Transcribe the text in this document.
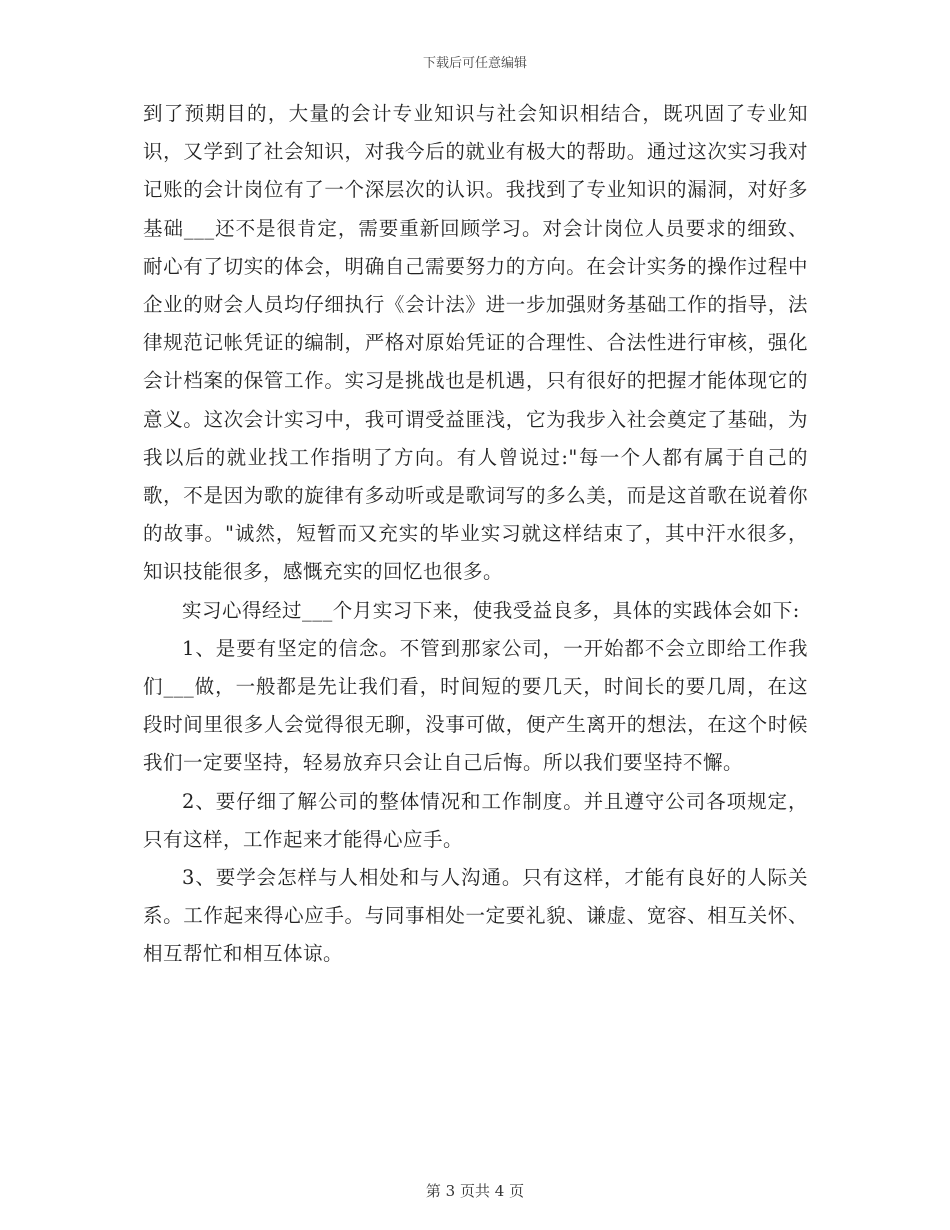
下载后可任意编辑

到了预期目的，大量的会计专业知识与社会知识相结合，既巩固了专业知识，又学到了社会知识，对我今后的就业有极大的帮助。通过这次实习我对记账的会计岗位有了一个深层次的认识。我找到了专业知识的漏洞，对好多基础___还不是很肯定，需要重新回顾学习。对会计岗位人员要求的细致、耐心有了切实的体会，明确自己需要努力的方向。在会计实务的操作过程中企业的财会人员均仔细执行《会计法》进一步加强财务基础工作的指导，法律规范记帐凭证的编制，严格对原始凭证的合理性、合法性进行审核，强化会计档案的保管工作。实习是挑战也是机遇，只有很好的把握才能体现它的意义。这次会计实习中，我可谓受益匪浅，它为我步入社会奠定了基础，为我以后的就业找工作指明了方向。有人曾说过:"每一个人都有属于自己的歌，不是因为歌的旋律有多动听或是歌词写的多么美，而是这首歌在说着你的故事。"诚然，短暂而又充实的毕业实习就这样结束了，其中汗水很多，知识技能很多，感慨充实的回忆也很多。

实习心得经过___个月实习下来，使我受益良多，具体的实践体会如下:

1、是要有坚定的信念。不管到那家公司，一开始都不会立即给工作我们___做，一般都是先让我们看，时间短的要几天，时间长的要几周，在这段时间里很多人会觉得很无聊，没事可做，便产生离开的想法，在这个时候我们一定要坚持，轻易放弃只会让自己后悔。所以我们要坚持不懈。

2、要仔细了解公司的整体情况和工作制度。并且遵守公司各项规定，只有这样，工作起来才能得心应手。

3、要学会怎样与人相处和与人沟通。只有这样，才能有良好的人际关系。工作起来得心应手。与同事相处一定要礼貌、谦虚、宽容、相互关怀、相互帮忙和相互体谅。

第 3 页共 4 页
